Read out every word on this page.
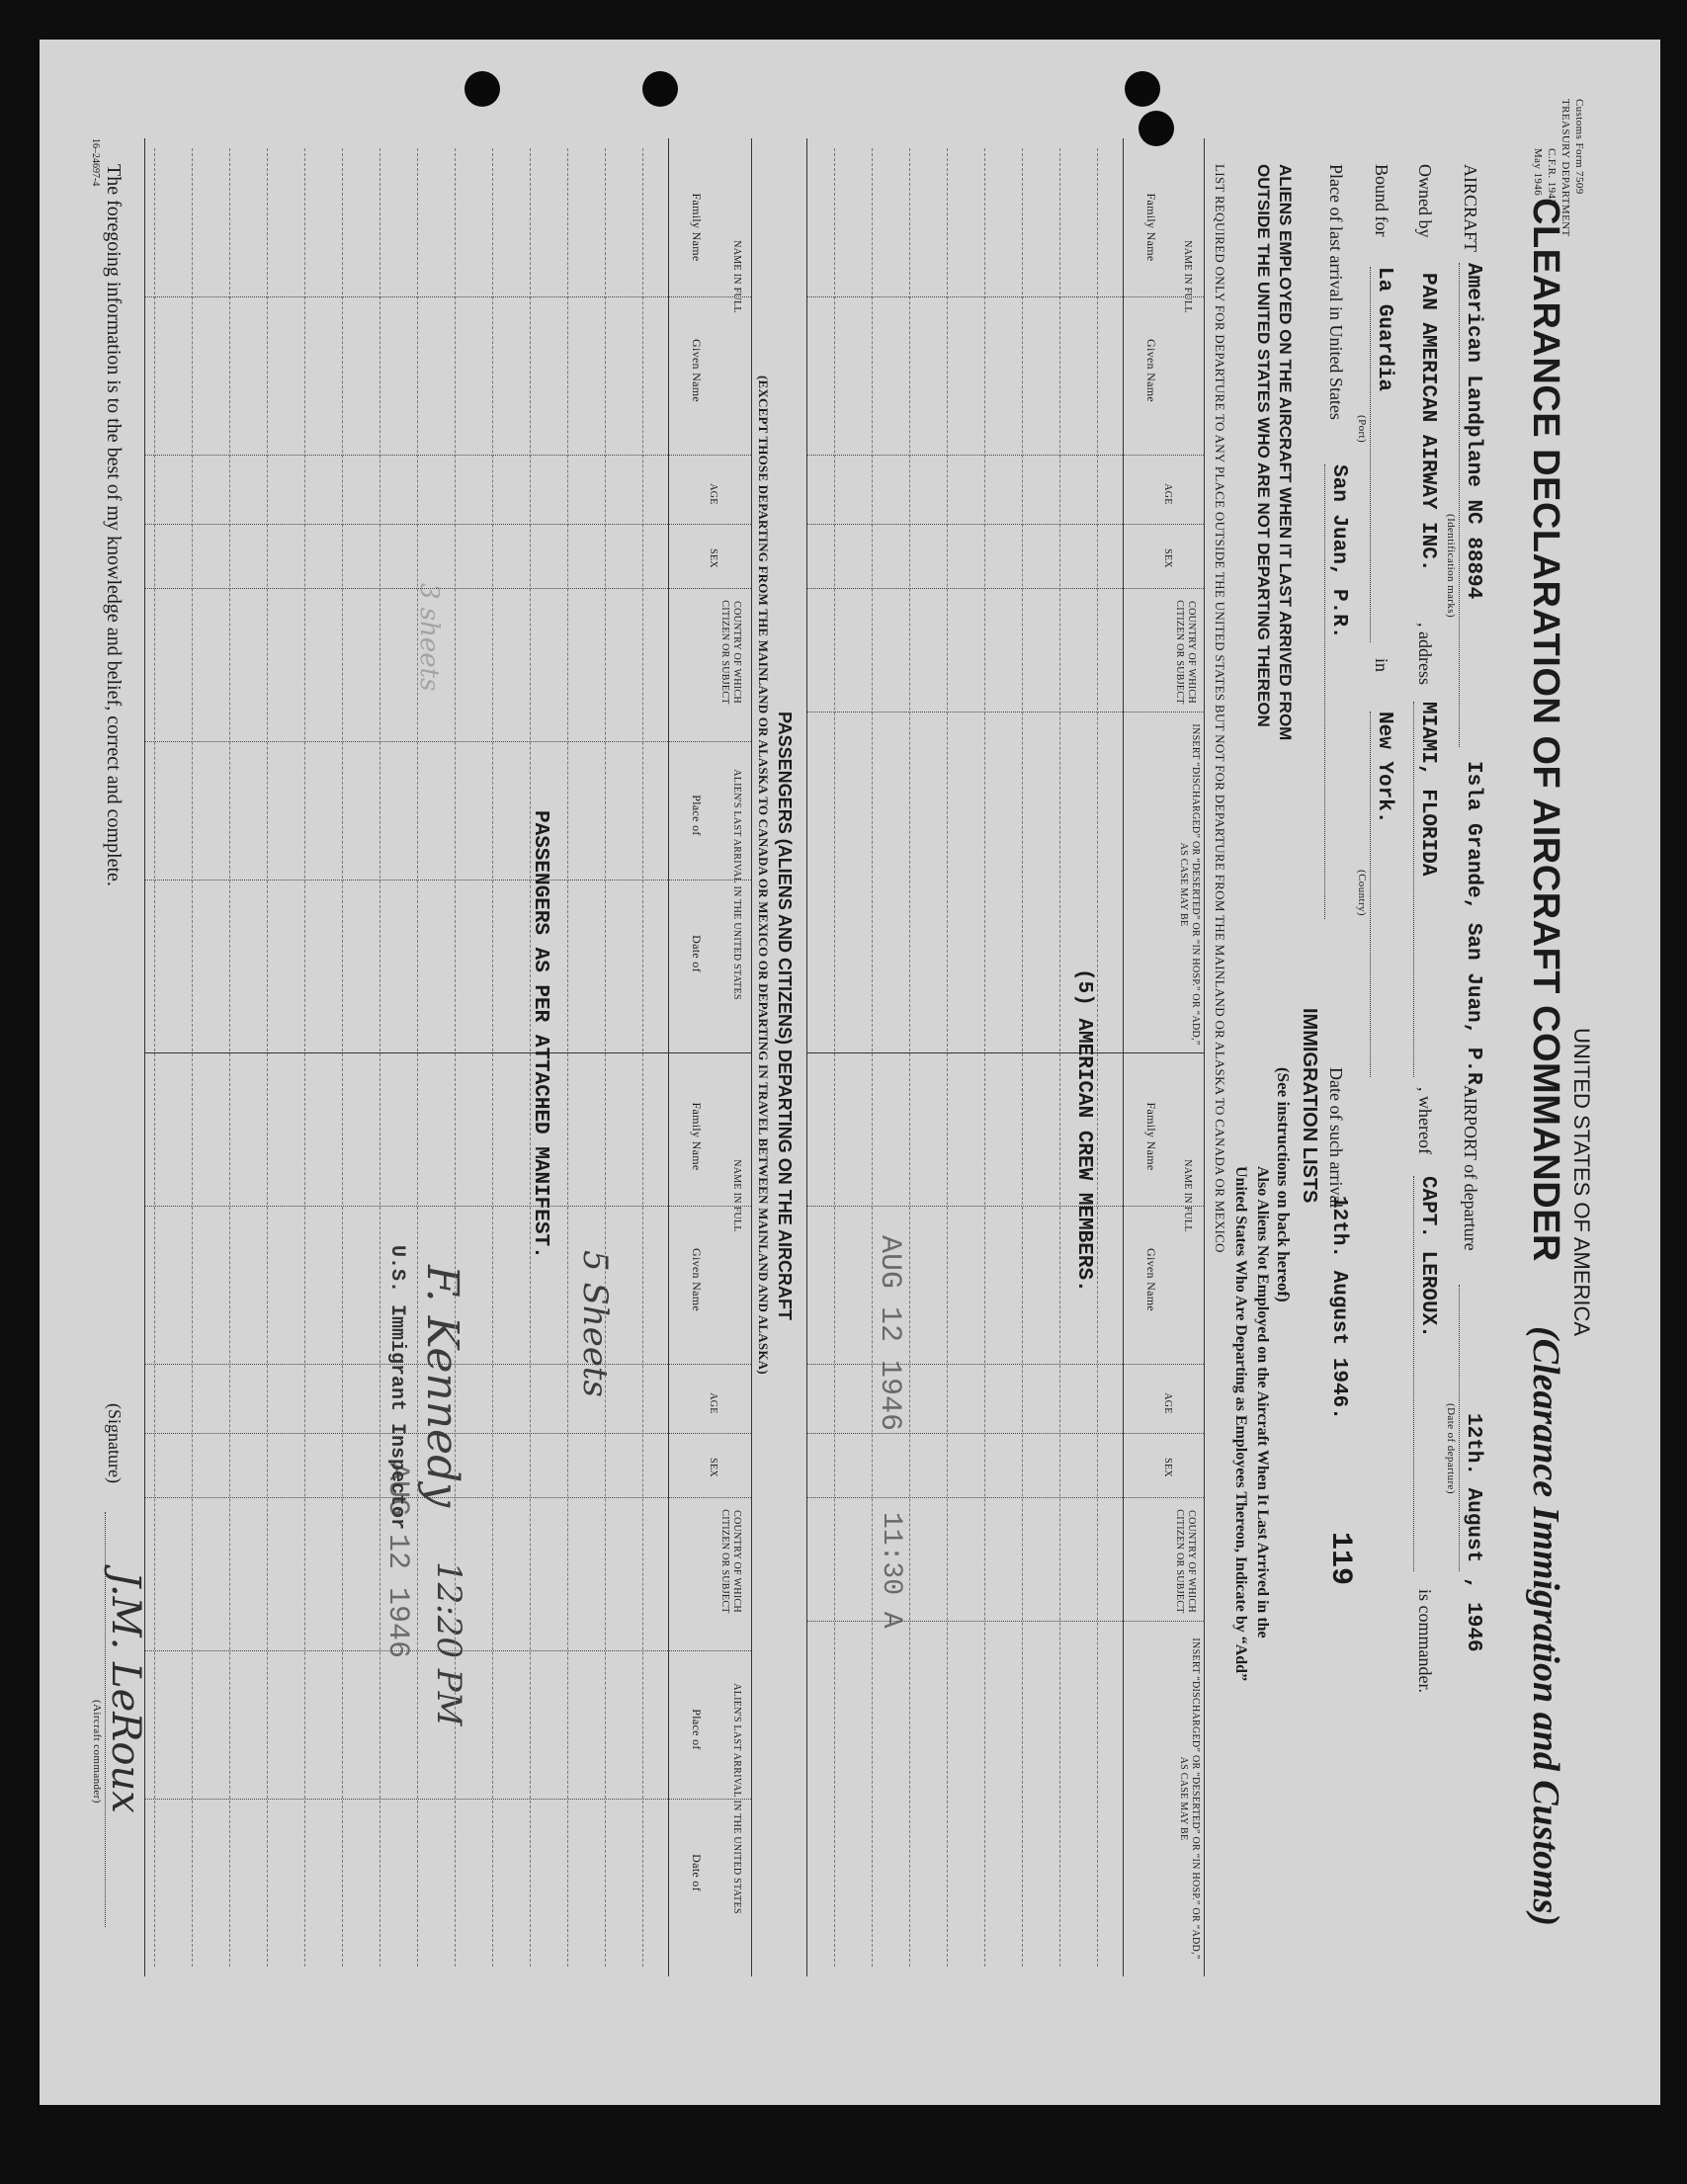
Customs Form 7509
TREASURY DEPARTMENT
C.F.R. 1943
May 1946
UNITED STATES OF AMERICA
CLEARANCE DECLARATION OF AIRCRAFT COMMANDER
(Clearance Immigration and Customs)
AIRCRAFT
American Landplane NC 88894
(Identification marks)
Isla Grande, San Juan, P.R.
AIRPORT of departure
12th. August
, 1946
(Date of departure)
Owned by
PAN AMERICAN AIRWAY INC.
, address
MIAMI, FLORIDA
, whereof
CAPT. LEROUX.
is commander.
Bound for
La Guardia
(Port)
in
New York.
(Country)
Place of last arrival in United States
San Juan, P.R.
Date of such arrival
12th. August 1946.
119
IMMIGRATION LISTS
(See instructions on back hereof)
ALIENS EMPLOYED ON THE AIRCRAFT WHEN IT LAST ARRIVED FROM
OUTSIDE THE UNITED STATES WHO ARE NOT DEPARTING THEREON
Also Aliens Not Employed on the Aircraft When It Last Arrived in the
United States Who Are Departing as Employees Thereon, Indicate by “Add”
LIST REQUIRED ONLY FOR DEPARTURE TO ANY PLACE OUTSIDE THE UNITED STATES BUT NOT FOR DEPARTURE FROM THE MAINLAND OR ALASKA TO CANADA OR MEXICO
NAME IN FULL
Family Name
Given Name
AGE
SEX
COUNTRY OF WHICH CITIZEN OR SUBJECT
INSERT “DISCHARGED” OR “DESERTED” OR “IN HOSP.” OR “ADD,” AS CASE MAY BE
NAME IN FULL
Family Name
Given Name
AGE
SEX
COUNTRY OF WHICH CITIZEN OR SUBJECT
INSERT “DISCHARGED” OR “DESERTED” OR “IN HOSP.” OR “ADD,” AS CASE MAY BE
(5) AMERICAN CREW MEMBERS.
PASSENGERS (ALIENS AND CITIZENS) DEPARTING ON THE AIRCRAFT
(EXCEPT THOSE DEPARTING FROM THE MAINLAND OR ALASKA TO CANADA OR MEXICO OR DEPARTING IN TRAVEL BETWEEN MAINLAND AND ALASKA)
NAME IN FULL
Family Name
Given Name
AGE
SEX
COUNTRY OF WHICH CITIZEN OR SUBJECT
ALIEN'S LAST ARRIVAL IN THE UNITED STATES
Place of
Date of
NAME IN FULL
Family Name
Given Name
AGE
SEX
COUNTRY OF WHICH CITIZEN OR SUBJECT
ALIEN'S LAST ARRIVAL IN THE UNITED STATES
Place of
Date of
PASSENGERS AS PER ATTACHED MANIFEST.
5 Sheets
12:20 PM
AUG 12 1946
AUG 12 1946
11:30 A
F. Kennedy
U.S. Immigrant Inspector
3 sheets
The foregoing information is to the best of my knowledge and belief, correct and complete.
(Signature)
J.M. LeRoux
(Aircraft commander)
16–24697-4
